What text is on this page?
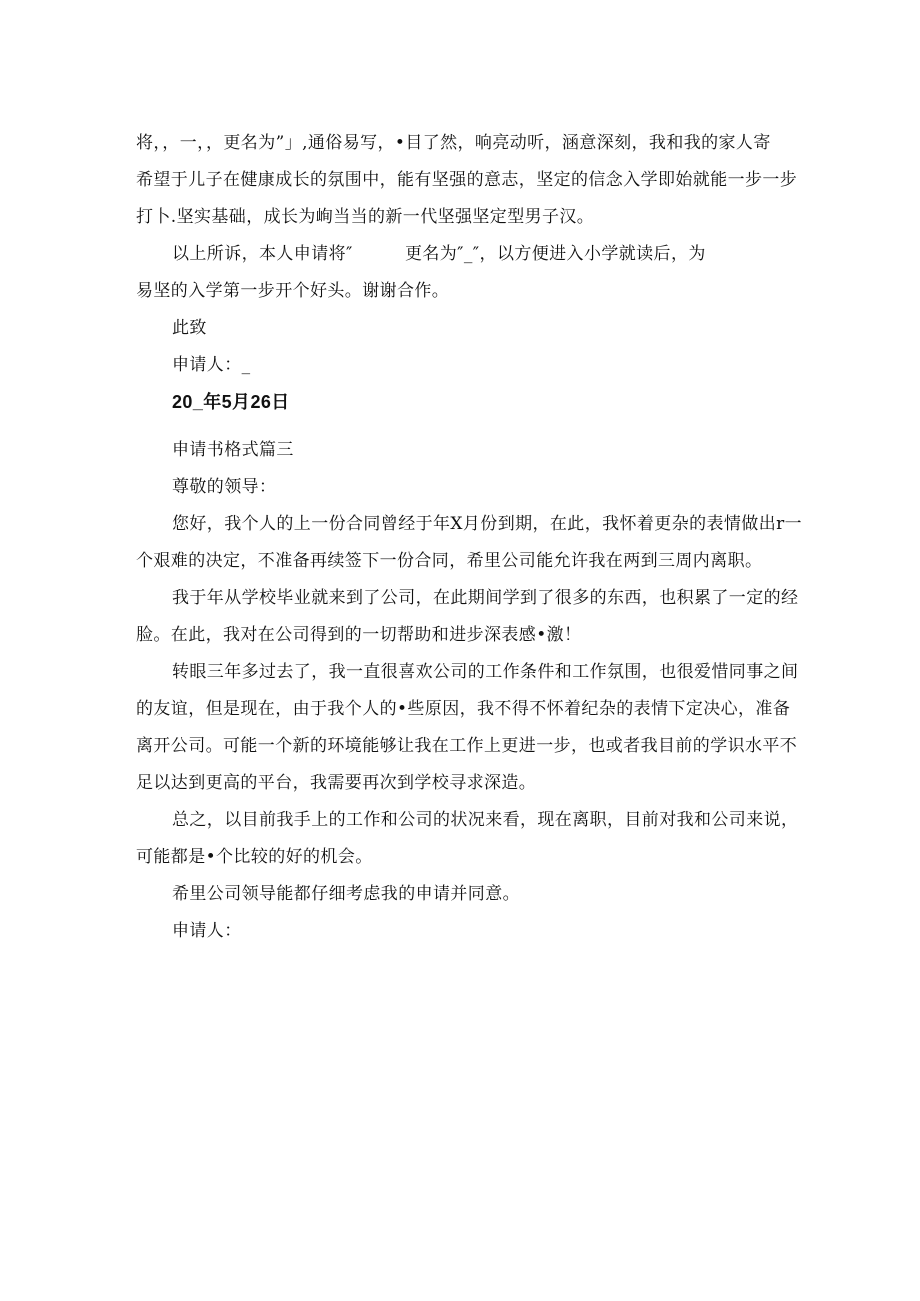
将，，一，，更名为”」,通俗易写，•目了然，响亮动听，涵意深刻，我和我的家人寄
希望于儿子在健康成长的氛围中，能有坚强的意志，坚定的信念入学即始就能一步一步
打卜.坚实基础，成长为峋当当的新一代坚强坚定型男子汉。
以上所诉，本人申请将″　　　更名为″_″，以方便进入小学就读后，为
易坚的入学第一步开个好头。谢谢合作。
此致
申请人：_
20_年5月26日
申请书格式篇三
尊敬的领导：
您好，我个人的上一份合同曾经于年X月份到期，在此，我怀着更杂的表情做出r一
个艰难的决定，不准备再续签下一份合同，希里公司能允许我在两到三周内离职。
我于年从学校毕业就来到了公司，在此期间学到了很多的东西，也积累了一定的经
脸。在此，我对在公司得到的一切帮助和进步深表感•激！
转眼三年多过去了，我一直很喜欢公司的工作条件和工作氛围，也很爱惜同事之间
的友谊，但是现在，由于我个人的•些原因，我不得不怀着纪杂的表情下定决心，准备
离开公司。可能一个新的环境能够让我在工作上更进一步，也或者我目前的学识水平不
足以达到更高的平台，我需要再次到学校寻求深造。
总之，以目前我手上的工作和公司的状况来看，现在离职，目前对我和公司来说，
可能都是•个比较的好的机会。
希里公司领导能都仔细考虑我的申请并同意。
申请人：
